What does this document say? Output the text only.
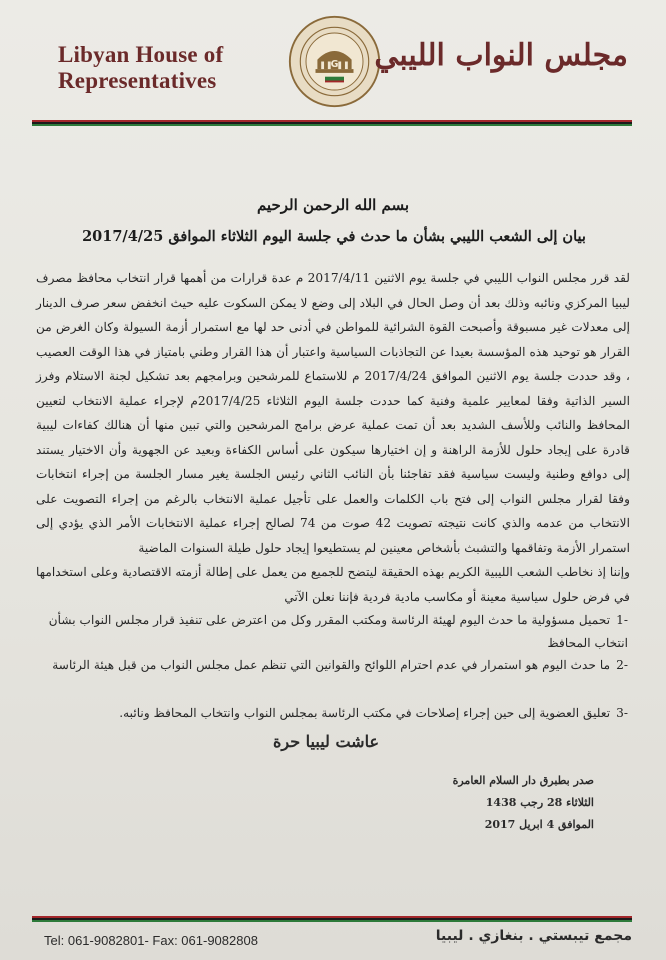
Libyan House of
Representatives
G مجلس النواب الليبي
بسم الله الرحمن الرحيم
بيان إلى الشعب الليبي بشأن ما حدث في جلسة اليوم الثلاثاء الموافق 2017/4/25

لقد قرر مجلس النواب الليبي في جلسة يوم الاثنين 2017/4/11 م عدة قرارات من أهمها قرار انتخاب محافظ مصرف ليبيا المركزي ونائبه وذلك بعد أن وصل الحال في البلاد إلى وضع لا يمكن السكوت عليه حيث انخفض سعر صرف الدينار إلى معدلات غير مسبوقة وأصبحت القوة الشرائية للمواطن في أدنى حد لها مع استمرار أزمة السيولة وكان الغرض من القرار هو توحيد هذه المؤسسة بعيدا عن التجاذبات السياسية واعتبار أن هذا القرار وطني بامتياز في هذا الوقت العصيب ، وقد حددت جلسة يوم الاثنين الموافق 2017/4/24 م للاستماع للمرشحين وبرامجهم بعد تشكيل لجنة الاستلام وفرز السير الذاتية وفقا لمعايير علمية وفنية كما حددت جلسة اليوم الثلاثاء 2017/4/25م لإجراء عملية الانتخاب لتعيين المحافظ والنائب وللأسف الشديد بعد أن تمت عملية عرض برامج المرشحين والتي تبين منها أن هنالك كفاءات ليبية قادرة على إيجاد حلول للأزمة الراهنة و إن اختيارها سيكون على أساس الكفاءة وبعيد عن الجهوية وأن الاختيار يستند إلى دوافع وطنية وليست سياسية فقد تفاجئنا بأن النائب الثاني رئيس الجلسة يغير مسار الجلسة من إجراء انتخابات وفقا لقرار مجلس النواب إلى فتح باب الكلمات والعمل على تأجيل عملية الانتخاب بالرغم من إجراء التصويت على الانتخاب من عدمه والذي كانت نتيجته تصويت 42 صوت من 74 لصالح إجراء عملية الانتخابات الأمر الذي يؤدي إلى استمرار الأزمة وتفاقمها والتشبث بأشخاص معينين لم يستطيعوا إيجاد حلول طيلة السنوات الماضية

وإننا إذ نخاطب الشعب الليبية الكريم بهذه الحقيقة ليتضح للجميع من يعمل على إطالة أزمته الاقتصادية وعلى استخدامها في فرض حلول سياسية معينة أو مكاسب مادية فردية فإننا نعلن الآتي

-1تحميل مسؤولية ما حدث اليوم لهيئة الرئاسة ومكتب المقرر وكل من اعترض على تنفيذ قرار مجلس النواب بشأن انتخاب المحافظ
-2ما حدث اليوم هو استمرار في عدم احترام اللوائح والقوانين التي تنظم عمل مجلس النواب من قبل هيئة الرئاسة
-3تعليق العضوية إلى حين إجراء إصلاحات في مكتب الرئاسة بمجلس النواب وانتخاب المحافظ ونائبه.
عاشت ليبيا حرة
صدر بطبرق دار السلام العامرة
الثلاثاء 28 رجب 1438
الموافق 4 ابريل 2017
Tel: 061-9082801- Fax: 061-9082808	مجمع تيبستي . بنغازي . ليبيا
